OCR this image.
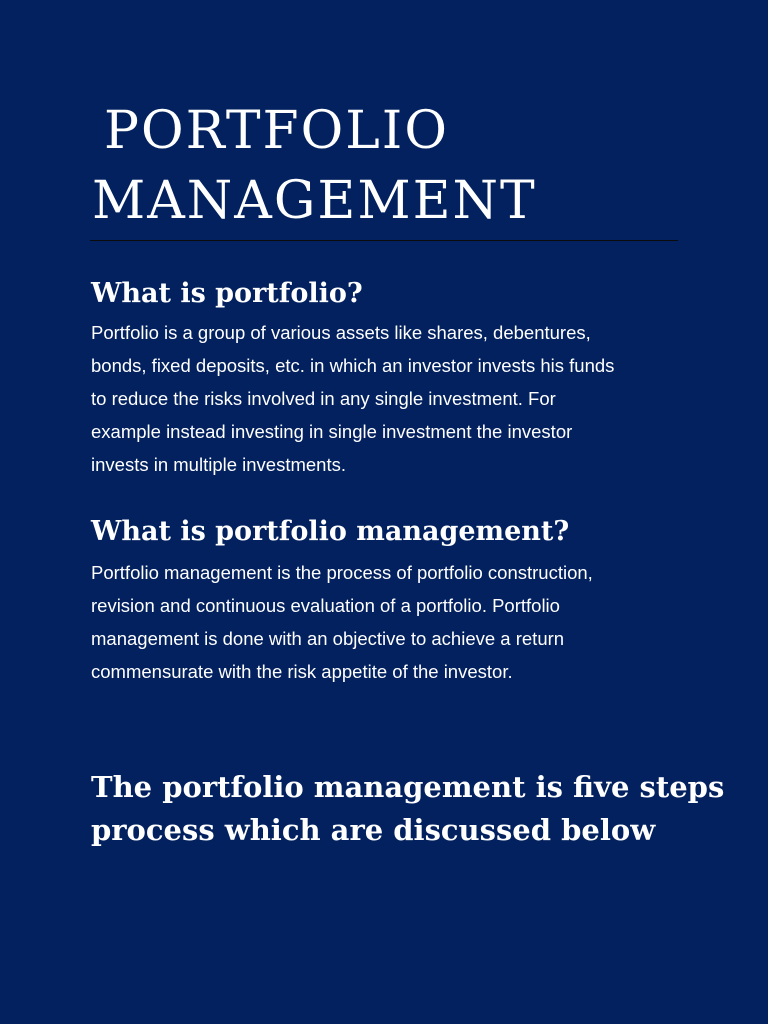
PORTFOLIO
MANAGEMENT
What is portfolio?
Portfolio is a group of various assets like shares, debentures,
bonds, fixed deposits, etc. in which an investor invests his funds
to reduce the risks involved in any single investment. For
example instead investing in single investment the investor
invests in multiple investments.
What is portfolio management?
Portfolio management is the process of portfolio construction,
revision and continuous evaluation of a portfolio. Portfolio
management is done with an objective to achieve a return
commensurate with the risk appetite of the investor.
The portfolio management is five steps
process which are discussed below
